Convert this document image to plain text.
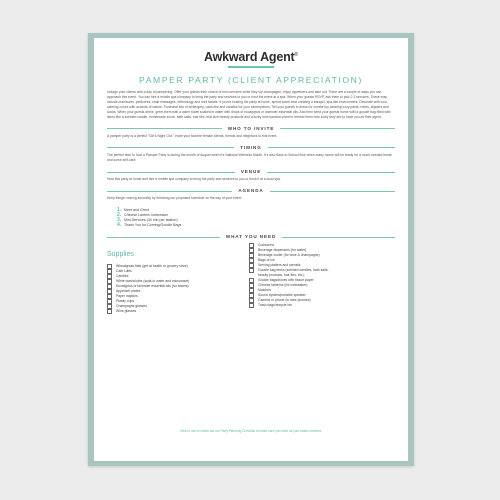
Awkward Agent®
PAMPER PARTY (CLIENT APPRECIATION)
Indulge your clients with a day of pampering. Offer your guests their choice of mini services while they sip champagne, enjoy appetizers and take out. There are a couple of ways you can approach this event. You can hire a mobile spa company to bring the party and services to you or host the event at a spa. When your guests RSVP, ask them to pick 2-3 services. These may include manicures, pedicures, chair massages, reflexology and mini facials. If you're hosting the party at home, spend some time creating a tranquil, spa-like environment. Decorate with cool, calming colors with accents of nature. Purchase lots of white/grey, cabs-like and candles for your centerpieces. Tell your guests to dress for comfort by wearing cozy pants, robes, slippers and socks. When your guests arrive, greet them with a warm towel soaked in water with drops of eucalyptus or lavender essential oils. And then send your guests home with a goodie bag filled with items like a scented candle, homemade scrub, bath salts, hair ties, trial size beauty products and a lucky mini bamboo plant to remind them how lucky they are to have you as their agent.
WHO TO INVITE
A pamper party is a perfect "Girl's Night Out." Invite your favorite female clients, friends and neighbors to this event.
TIMING
The perfect time to host a Pamper Party is during the month of August when it's National Wellness Month. It's also Back to School time when many moms will be ready for a much-needed break and some self-care.
VENUE
Host this party at home and hire a mobile spa company to bring the party and services to you or book it at a local spa.
AGENDA
Keep things running smoothly by following our proposed schedule on the day of your event.
1. Meet and Greet
2. Chinese Lantern Icebreaker
3. Mini-Services (30 min per station)
4. Thank You for Coming/Goodie Bags
WHAT YOU NEED
Supplies
Wheatgrass flats (get at health or grocery store)
Cafe Lilies
Candles
White washcloths (soak in water and microwave)
Eucalyptus or lavender essential oils (for towels)
Appetizer plates
Paper napkins
Plastic cups
Champagne glasses
Wine glasses
Corkscrew
Beverage dispensers (for water)
Beverage cooler (for wine & champagne)
Bags of ice
Serving platters and utensils
Goodie bag items (scented candles, bath salts,
beauty products, hair ties, etc.)
Goodie bags/boxes with tissue paper
Chinese lanterns (for icebreaker)
Matches
Sound system/portable speaker
Camera or phone (to take pictures)
Trash bags/recycle bin
How to use to check out our Party Planning Checklist to make sure you have all your bases covered.
